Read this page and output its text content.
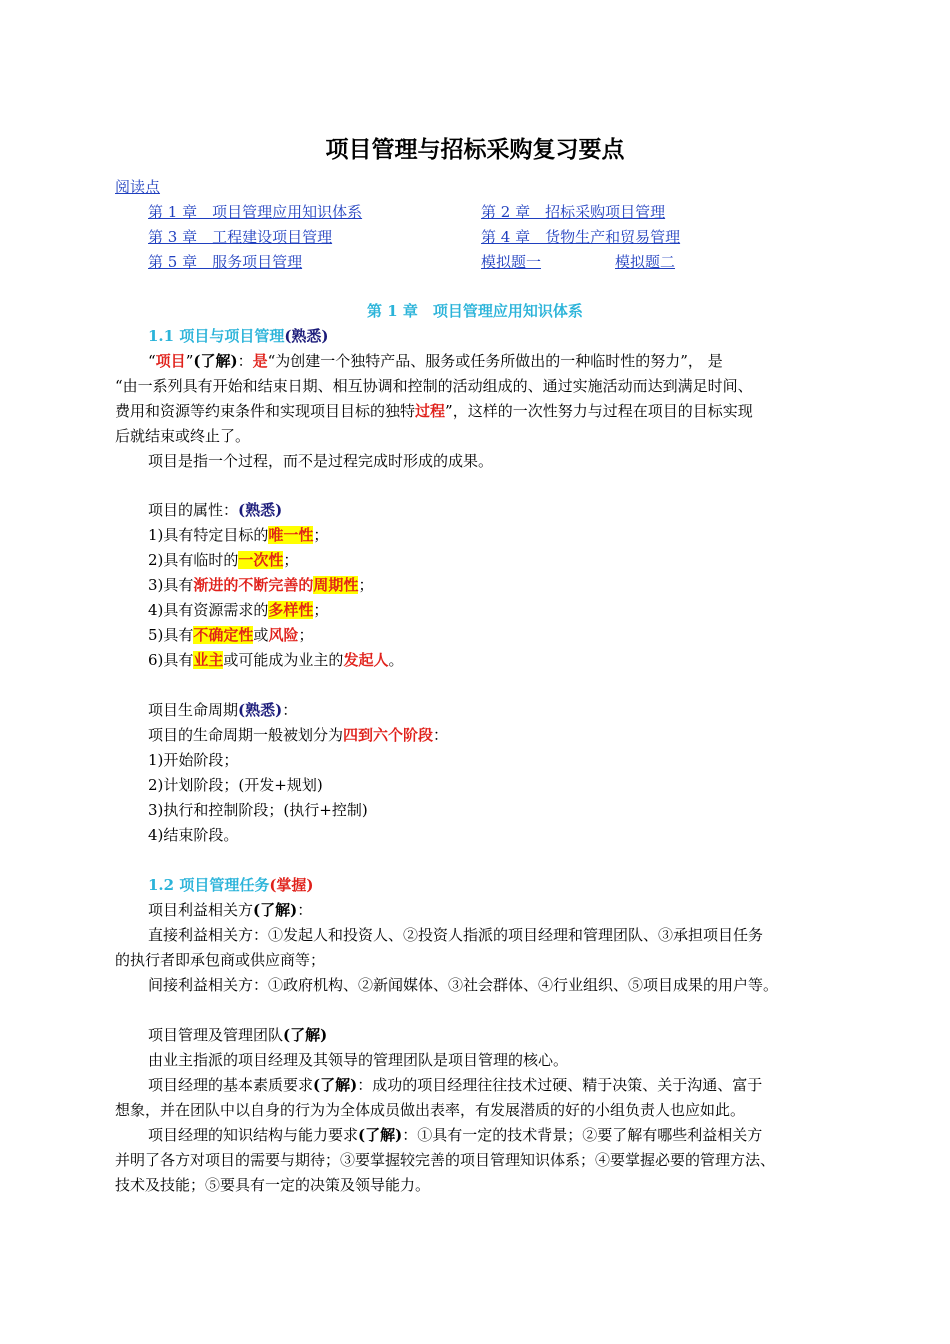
项目管理与招标采购复习要点
阅读点
第 1 章　项目管理应用知识体系	第 2 章　招标采购项目管理
第 3 章　工程建设项目管理	第 4 章　货物生产和贸易管理
第 5 章　服务项目管理	模拟题一	模拟题二
第 1 章　项目管理应用知识体系
1.1 项目与项目管理(熟悉)
“项目”(了解)：是“为创建一个独特产品、服务或任务所做出的一种临时性的努力”， 是
“由一系列具有开始和结束日期、相互协调和控制的活动组成的、通过实施活动而达到满足时间、
费用和资源等约束条件和实现项目目标的独特过程”，这样的一次性努力与过程在项目的目标实现
后就结束或终止了。
项目是指一个过程，而不是过程完成时形成的成果。
项目的属性：(熟悉)
1)具有特定目标的唯一性；
2)具有临时的一次性；
3)具有渐进的不断完善的周期性；
4)具有资源需求的多样性；
5)具有不确定性或风险；
6)具有业主或可能成为业主的发起人。
项目生命周期(熟悉)：
项目的生命周期一般被划分为四到六个阶段：
1)开始阶段；
2)计划阶段；(开发+规划)
3)执行和控制阶段；(执行+控制)
4)结束阶段。
1.2 项目管理任务(掌握)
项目利益相关方(了解)：
直接利益相关方：①发起人和投资人、②投资人指派的项目经理和管理团队、③承担项目任务
的执行者即承包商或供应商等；
间接利益相关方：①政府机构、②新闻媒体、③社会群体、④行业组织、⑤项目成果的用户等。
项目管理及管理团队(了解)
由业主指派的项目经理及其领导的管理团队是项目管理的核心。
项目经理的基本素质要求(了解)：成功的项目经理往往技术过硬、精于决策、关于沟通、富于
想象，并在团队中以自身的行为为全体成员做出表率，有发展潜质的好的小组负责人也应如此。
项目经理的知识结构与能力要求(了解)：①具有一定的技术背景；②要了解有哪些利益相关方
并明了各方对项目的需要与期待；③要掌握较完善的项目管理知识体系；④要掌握必要的管理方法、
技术及技能；⑤要具有一定的决策及领导能力。
